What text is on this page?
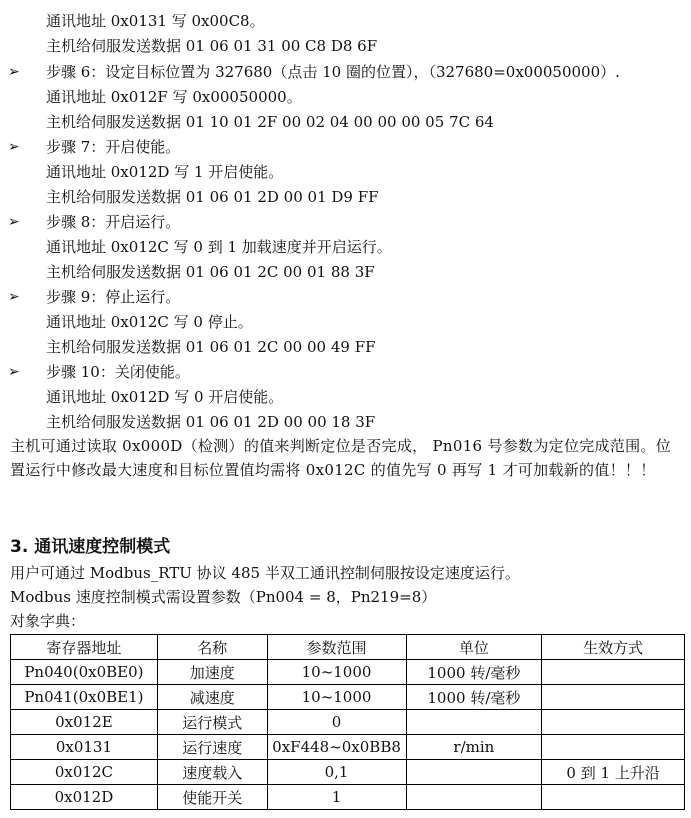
通讯地址 0x0131 写 0x00C8。
主机给伺服发送数据 01 06 01 31 00 C8 D8 6F
➢ 步骤 6：设定目标位置为 327680（点击 10 圈的位置），（327680=0x00050000）.
通讯地址 0x012F 写 0x00050000。
主机给伺服发送数据 01 10 01 2F 00 02 04 00 00 00 05 7C 64
➢ 步骤 7：开启使能。
通讯地址 0x012D 写 1 开启使能。
主机给伺服发送数据 01 06 01 2D 00 01 D9 FF
➢ 步骤 8：开启运行。
通讯地址 0x012C 写 0 到 1 加载速度并开启运行。
主机给伺服发送数据 01 06 01 2C 00 01 88 3F
➢ 步骤 9：停止运行。
通讯地址 0x012C 写 0 停止。
主机给伺服发送数据 01 06 01 2C 00 00 49 FF
➢ 步骤 10：关闭使能。
通讯地址 0x012D 写 0 开启使能。
主机给伺服发送数据 01 06 01 2D 00 00 18 3F
主机可通过读取 0x000D（检测）的值来判断定位是否完成， Pn016 号参数为定位完成范围。位置运行中修改最大速度和目标位置值均需将 0x012C 的值先写 0 再写 1 才可加载新的值！！！
3. 通讯速度控制模式
用户可通过 Modbus_RTU 协议 485 半双工通讯控制伺服按设定速度运行。
Modbus 速度控制模式需设置参数（Pn004 = 8，Pn219=8）
对象字典：
寄存器地址	名称	参数范围	单位	生效方式
Pn040(0x0BE0)	加速度	10~1000	1000 转/毫秒	
Pn041(0x0BE1)	减速度	10~1000	1000 转/毫秒	
0x012E	运行模式	0		
0x0131	运行速度	0xF448~0x0BB8	r/min	
0x012C	速度载入	0,1		0 到 1 上升沿
0x012D	使能开关	1		
